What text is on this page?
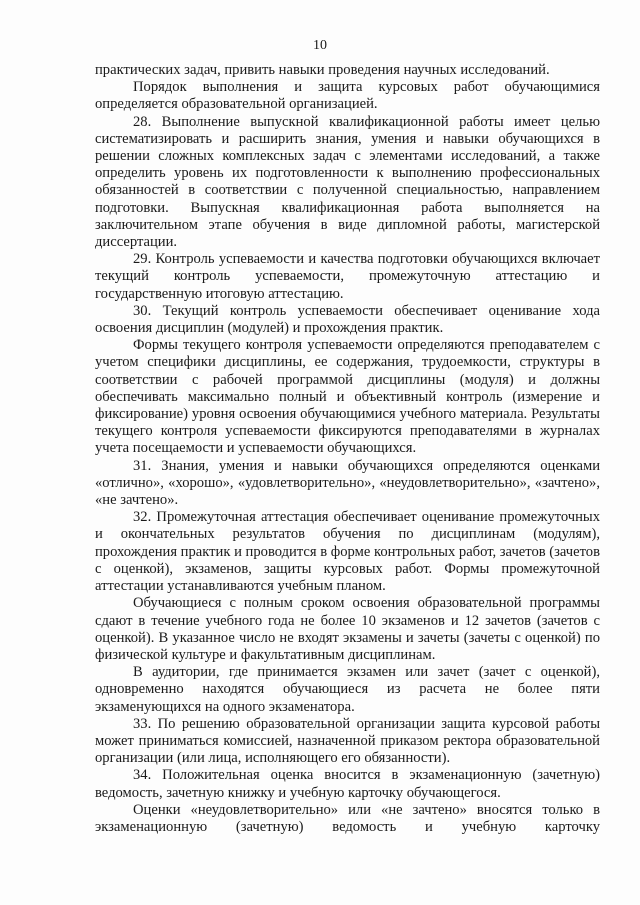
10

практических задач, привить навыки проведения научных исследований.

Порядок выполнения и защита курсовых работ обучающимися определяется образовательной организацией.

28. Выполнение выпускной квалификационной работы имеет целью систематизировать и расширить знания, умения и навыки обучающихся в решении сложных комплексных задач с элементами исследований, а также определить уровень их подготовленности к выполнению профессиональных обязанностей в соответствии с полученной специальностью, направлением подготовки. Выпускная квалификационная работа выполняется на заключительном этапе обучения в виде дипломной работы, магистерской диссертации.

29. Контроль успеваемости и качества подготовки обучающихся включает текущий контроль успеваемости, промежуточную аттестацию и государственную итоговую аттестацию.

30. Текущий контроль успеваемости обеспечивает оценивание хода освоения дисциплин (модулей) и прохождения практик.

Формы текущего контроля успеваемости определяются преподавателем с учетом специфики дисциплины, ее содержания, трудоемкости, структуры в соответствии с рабочей программой дисциплины (модуля) и должны обеспечивать максимально полный и объективный контроль (измерение и фиксирование) уровня освоения обучающимися учебного материала. Результаты текущего контроля успеваемости фиксируются преподавателями в журналах учета посещаемости и успеваемости обучающихся.

31. Знания, умения и навыки обучающихся определяются оценками «отлично», «хорошо», «удовлетворительно», «неудовлетворительно», «зачтено», «не зачтено».

32. Промежуточная аттестация обеспечивает оценивание промежуточных и окончательных результатов обучения по дисциплинам (модулям), прохождения практик и проводится в форме контрольных работ, зачетов (зачетов с оценкой), экзаменов, защиты курсовых работ. Формы промежуточной аттестации устанавливаются учебным планом.

Обучающиеся с полным сроком освоения образовательной программы сдают в течение учебного года не более 10 экзаменов и 12 зачетов (зачетов с оценкой). В указанное число не входят экзамены и зачеты (зачеты с оценкой) по физической культуре и факультативным дисциплинам.

В аудитории, где принимается экзамен или зачет (зачет с оценкой), одновременно находятся обучающиеся из расчета не более пяти экзаменующихся на одного экзаменатора.

33. По решению образовательной организации защита курсовой работы может приниматься комиссией, назначенной приказом ректора образовательной организации (или лица, исполняющего его обязанности).

34. Положительная оценка вносится в экзаменационную (зачетную) ведомость, зачетную книжку и учебную карточку обучающегося.

Оценки «неудовлетворительно» или «не зачтено» вносятся только в экзаменационную (зачетную) ведомость и учебную карточку
